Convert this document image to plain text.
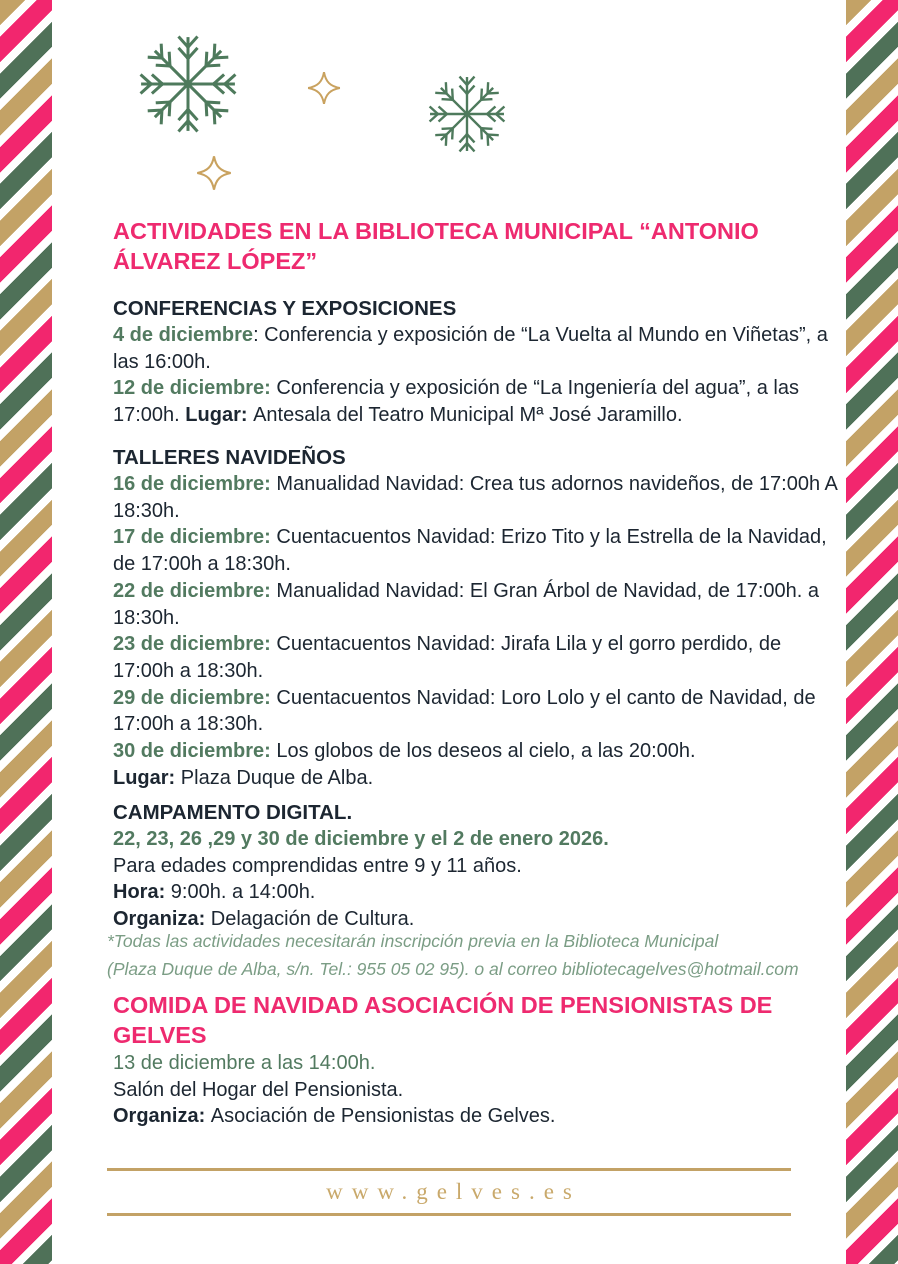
ACTIVIDADES EN LA BIBLIOTECA MUNICIPAL “ANTONIO ÁLVAREZ LÓPEZ”
CONFERENCIAS Y EXPOSICIONES

4 de diciembre: Conferencia y exposición de “La Vuelta al Mundo en Viñetas”, a las 16:00h.

12 de diciembre: Conferencia y exposición de “La Ingeniería del agua”, a las 17:00h. Lugar: Antesala del Teatro Municipal Mª José Jaramillo.

TALLERES NAVIDEÑOS

16 de diciembre: Manualidad Navidad: Crea tus adornos navideños, de 17:00h A 18:30h.

17 de diciembre: Cuentacuentos Navidad: Erizo Tito y la Estrella de la Navidad, de 17:00h a 18:30h.

22 de diciembre: Manualidad Navidad: El Gran Árbol de Navidad, de 17:00h. a 18:30h.

23 de diciembre: Cuentacuentos Navidad: Jirafa Lila y el gorro perdido, de 17:00h a 18:30h.

29 de diciembre: Cuentacuentos Navidad: Loro Lolo y el canto de Navidad, de 17:00h a 18:30h.

30 de diciembre: Los globos de los deseos al cielo, a las 20:00h.

Lugar: Plaza Duque de Alba.

CAMPAMENTO DIGITAL.

22, 23, 26 ,29 y 30 de diciembre y el 2 de enero 2026.

Para edades comprendidas entre 9 y 11 años.

Hora: 9:00h. a 14:00h.

Organiza: Delagación de Cultura.

*Todas las actividades necesitarán inscripción previa en la Biblioteca Municipal

(Plaza Duque de Alba, s/n. Tel.: 955 05 02 95). o al correo bibliotecagelves@hotmail.com

COMIDA DE NAVIDAD ASOCIACIÓN DE PENSIONISTAS DE GELVES

13 de diciembre a las 14:00h.

Salón del Hogar del Pensionista.

Organiza: Asociación de Pensionistas de Gelves.

www.gelves.es
